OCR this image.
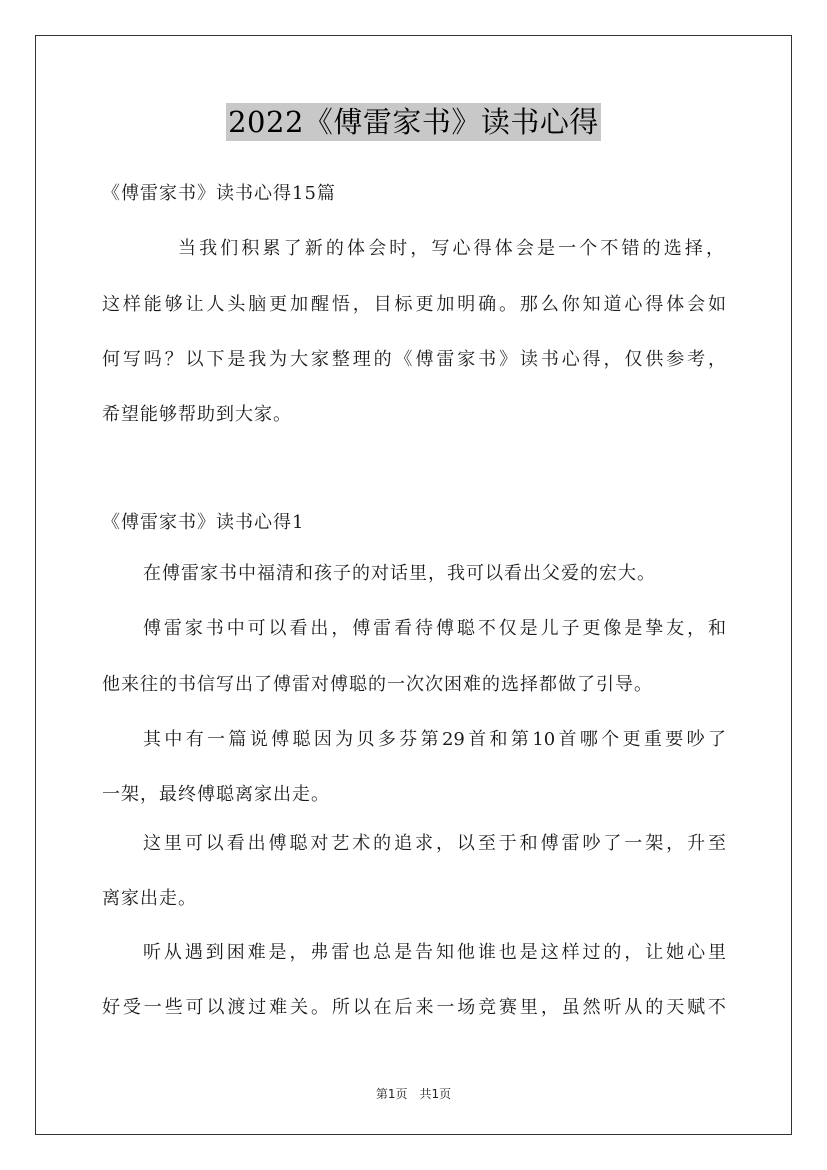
2022《傅雷家书》读书心得
《傅雷家书》读书心得15篇
当我们积累了新的体会时，写心得体会是一个不错的选择，
这样能够让人头脑更加醒悟，目标更加明确。那么你知道心得体会如
何写吗？以下是我为大家整理的《傅雷家书》读书心得，仅供参考，
希望能够帮助到大家。
《傅雷家书》读书心得1
在傅雷家书中福清和孩子的对话里，我可以看出父爱的宏大。
傅雷家书中可以看出，傅雷看待傅聪不仅是儿子更像是挚友，和
他来往的书信写出了傅雷对傅聪的一次次困难的选择都做了引导。
其中有一篇说傅聪因为贝多芬第29首和第10首哪个更重要吵了
一架，最终傅聪离家出走。
这里可以看出傅聪对艺术的追求，以至于和傅雷吵了一架，升至
离家出走。
听从遇到困难是，弗雷也总是告知他谁也是这样过的，让她心里
好受一些可以渡过难关。所以在后来一场竞赛里，虽然听从的天赋不
第1页　共1页
